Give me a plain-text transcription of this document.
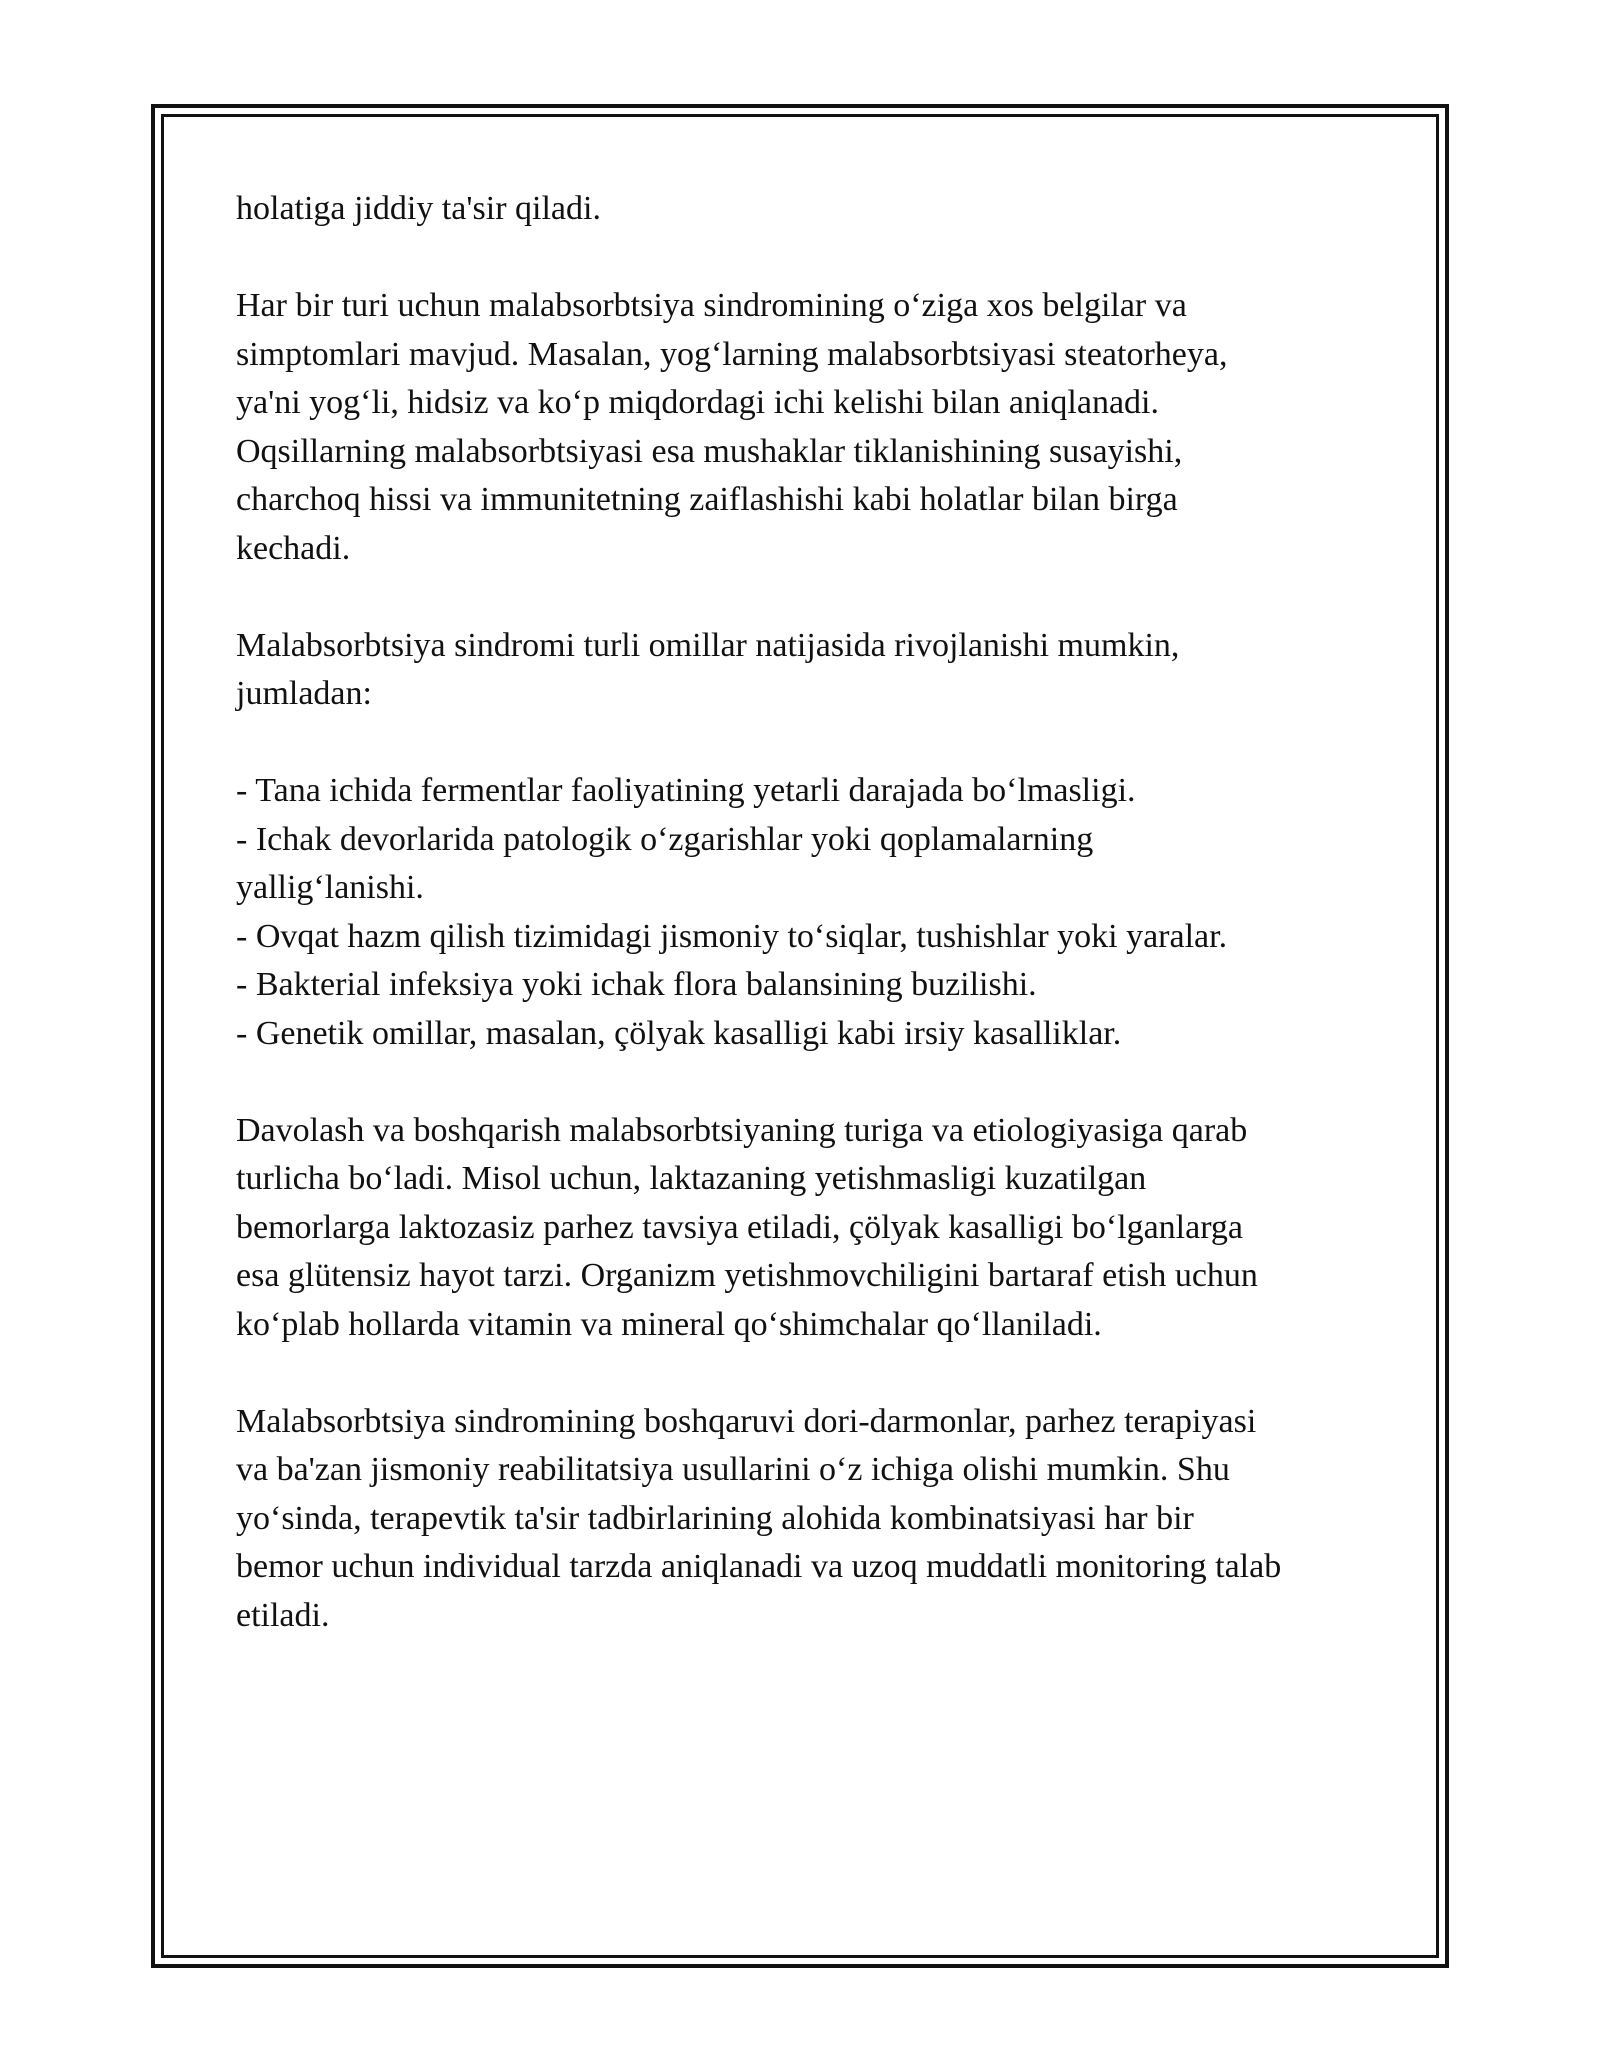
holatiga jiddiy ta'sir qiladi.

Har bir turi uchun malabsorbtsiya sindromining o‘ziga xos belgilar va
simptomlari mavjud. Masalan, yog‘larning malabsorbtsiyasi steatorheya,
ya'ni yog‘li, hidsiz va ko‘p miqdordagi ichi kelishi bilan aniqlanadi.
Oqsillarning malabsorbtsiyasi esa mushaklar tiklanishining susayishi,
charchoq hissi va immunitetning zaiflashishi kabi holatlar bilan birga
kechadi.

Malabsorbtsiya sindromi turli omillar natijasida rivojlanishi mumkin,
jumladan:

- Tana ichida fermentlar faoliyatining yetarli darajada bo‘lmasligi.
- Ichak devorlarida patologik o‘zgarishlar yoki qoplamalarning
yallig‘lanishi.
- Ovqat hazm qilish tizimidagi jismoniy to‘siqlar, tushishlar yoki yaralar.
- Bakterial infeksiya yoki ichak flora balansining buzilishi.
- Genetik omillar, masalan, çölyak kasalligi kabi irsiy kasalliklar.

Davolash va boshqarish malabsorbtsiyaning turiga va etiologiyasiga qarab
turlicha bo‘ladi. Misol uchun, laktazaning yetishmasligi kuzatilgan
bemorlarga laktozasiz parhez tavsiya etiladi, çölyak kasalligi bo‘lganlarga
esa glütensiz hayot tarzi. Organizm yetishmovchiligini bartaraf etish uchun
ko‘plab hollarda vitamin va mineral qo‘shimchalar qo‘llaniladi.

Malabsorbtsiya sindromining boshqaruvi dori-darmonlar, parhez terapiyasi
va ba'zan jismoniy reabilitatsiya usullarini o‘z ichiga olishi mumkin. Shu
yo‘sinda, terapevtik ta'sir tadbirlarining alohida kombinatsiyasi har bir
bemor uchun individual tarzda aniqlanadi va uzoq muddatli monitoring talab
etiladi.
